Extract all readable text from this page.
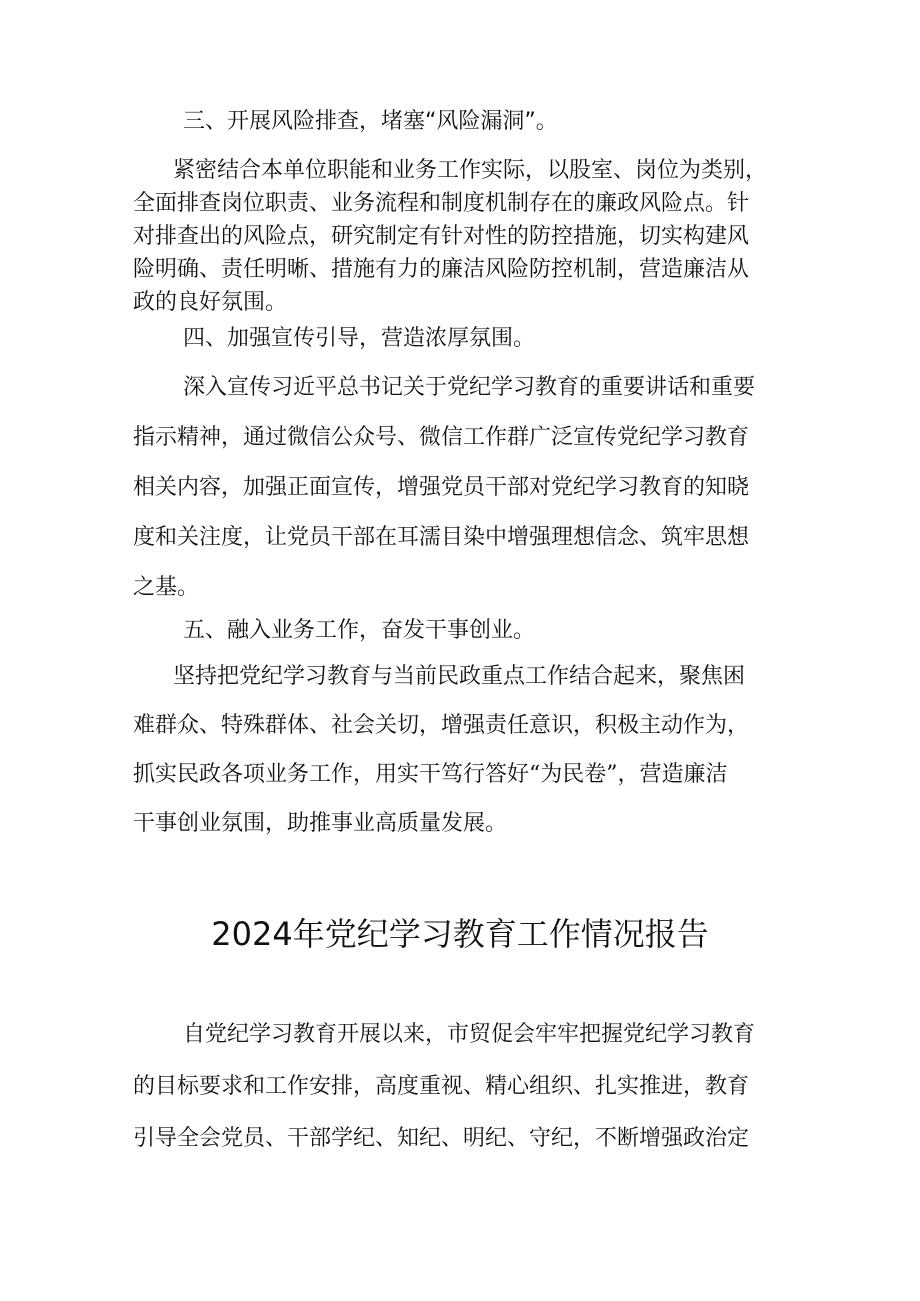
三、开展风险排查，堵塞“风险漏洞”。
紧密结合本单位职能和业务工作实际，以股室、岗位为类别，
全面排查岗位职责、业务流程和制度机制存在的廉政风险点。针
对排查出的风险点，研究制定有针对性的防控措施，切实构建风
险明确、责任明晰、措施有力的廉洁风险防控机制，营造廉洁从
政的良好氛围。
四、加强宣传引导，营造浓厚氛围。
深入宣传习近平总书记关于党纪学习教育的重要讲话和重要
指示精神，通过微信公众号、微信工作群广泛宣传党纪学习教育
相关内容，加强正面宣传，增强党员干部对党纪学习教育的知晓
度和关注度，让党员干部在耳濡目染中增强理想信念、筑牢思想
之基。
五、融入业务工作，奋发干事创业。
坚持把党纪学习教育与当前民政重点工作结合起来，聚焦困
难群众、特殊群体、社会关切，增强责任意识，积极主动作为，
抓实民政各项业务工作，用实干笃行答好“为民卷”，营造廉洁
干事创业氛围，助推事业高质量发展。
2024年党纪学习教育工作情况报告
自党纪学习教育开展以来，市贸促会牢牢把握党纪学习教育
的目标要求和工作安排，高度重视、精心组织、扎实推进，教育
引导全会党员、干部学纪、知纪、明纪、守纪，不断增强政治定
